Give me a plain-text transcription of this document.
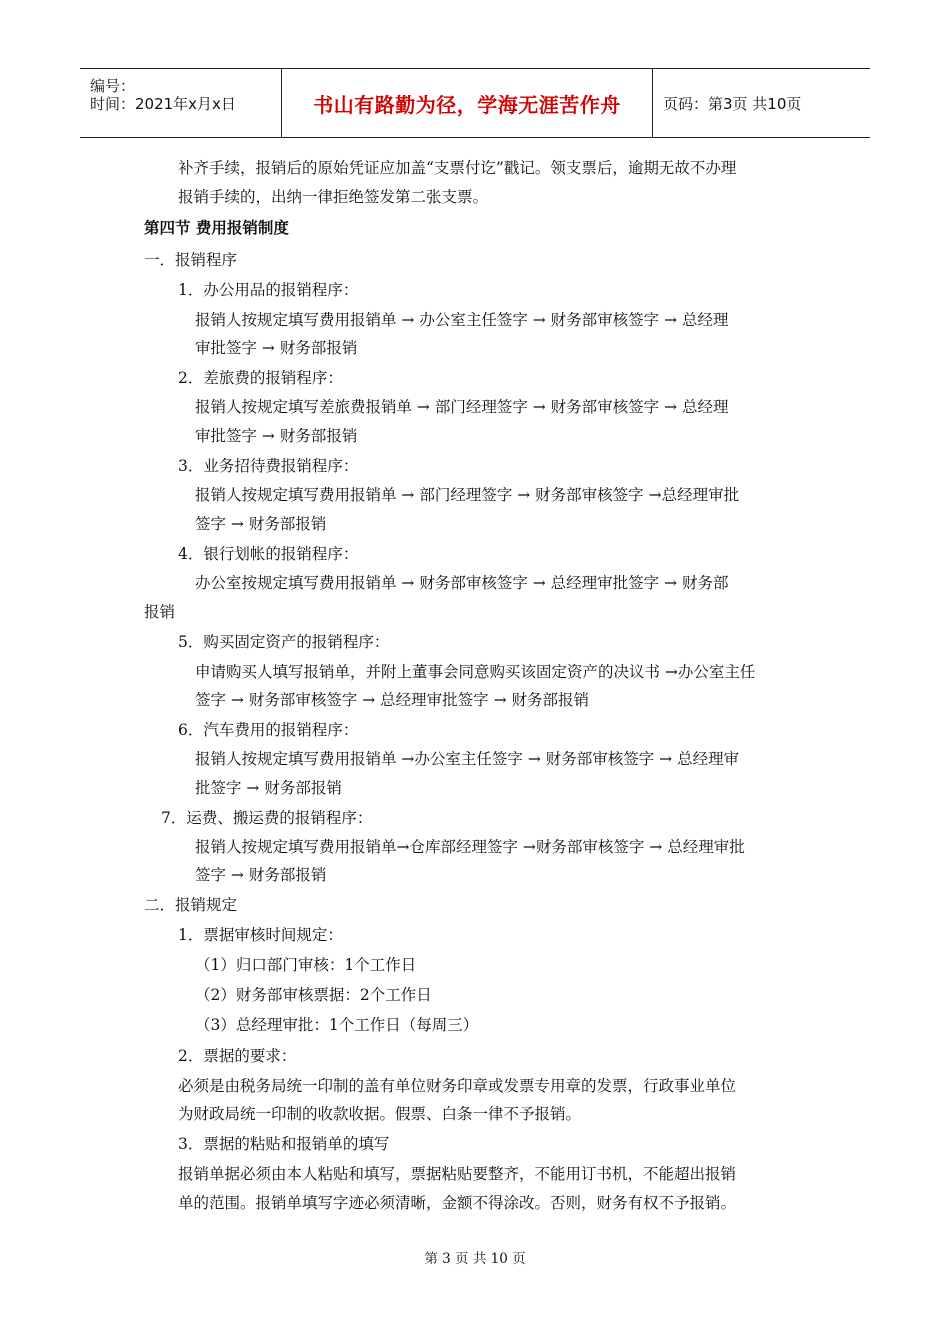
编号：
时间：2021年x月x日	书山有路勤为径，学海无涯苦作舟	页码：第3页 共10页
补齐手续，报销后的原始凭证应加盖“支票付讫”戳记。领支票后，逾期无故不办理
报销手续的，出纳一律拒绝签发第二张支票。
第四节 费用报销制度
一．报销程序
1．办公用品的报销程序：
报销人按规定填写费用报销单 → 办公室主任签字 → 财务部审核签字 → 总经理
审批签字 → 财务部报销
2．差旅费的报销程序：
报销人按规定填写差旅费报销单 → 部门经理签字 → 财务部审核签字 → 总经理
审批签字 → 财务部报销
3．业务招待费报销程序：
报销人按规定填写费用报销单 → 部门经理签字 → 财务部审核签字 →总经理审批
签字 → 财务部报销
4．银行划帐的报销程序：
办公室按规定填写费用报销单 → 财务部审核签字 → 总经理审批签字 → 财务部
报销
5．购买固定资产的报销程序：
申请购买人填写报销单，并附上董事会同意购买该固定资产的决议书 →办公室主任
签字 → 财务部审核签字 → 总经理审批签字 → 财务部报销
6．汽车费用的报销程序：
报销人按规定填写费用报销单 →办公室主任签字 → 财务部审核签字 → 总经理审
批签字 → 财务部报销
7．运费、搬运费的报销程序：
报销人按规定填写费用报销单→仓库部经理签字 →财务部审核签字 → 总经理审批
签字 → 财务部报销
二．报销规定
1．票据审核时间规定：
（1）归口部门审核：1个工作日
（2）财务部审核票据：2个工作日
（3）总经理审批：1个工作日（每周三）
2．票据的要求：
必须是由税务局统一印制的盖有单位财务印章或发票专用章的发票，行政事业单位
为财政局统一印制的收款收据。假票、白条一律不予报销。
3．票据的粘贴和报销单的填写
报销单据必须由本人粘贴和填写，票据粘贴要整齐，不能用订书机，不能超出报销
单的范围。报销单填写字迹必须清晰，金额不得涂改。否则，财务有权不予报销。
第 3 页 共 10 页
